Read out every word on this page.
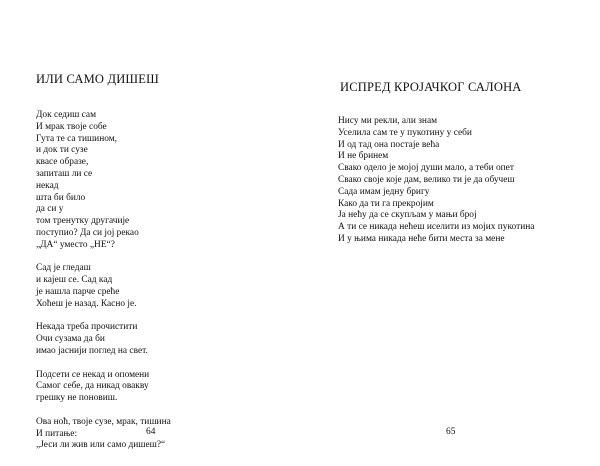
ИЛИ САМО ДИШЕШ
Док седиш сам
И мрак твоје собе
Гута те са тишином,
и док ти сузе
квасе образе,
запиташ ли се
некад
шта би било
да си у
том тренутку другачије
поступио? Да си јој рекао
„ДА“ уместо „НЕ“?
Сад је гледаш
и кајеш се. Сад кад
је нашла парче среће
Хоћеш је назад. Касно је.
Некада треба прочистити
Очи сузама да би
имао јаснији поглед на свет.
Подсети се некад и опомени
Самог себе, да никад овакву
грешку не поновиш.
Ова ноћ, твоје сузе, мрак, тишина
И питање:
„Јеси ли жив или само дишеш?“
64
ИСПРЕД КРОЈАЧКОГ САЛОНА
Нису ми рекли, али знам
Уселила сам те у пукотину у себи
И од тад она постаје већа
И не бринем
Свако одело је мојој души мало, а теби опет
Свако своје које дам, велико ти је да обучеш
Сада имам једну бригу
Како да ти га прекројим
Ја нећу да се скупљам у мањи број
А ти се никада нећеш иселити из мојих пукотина
И у њима никада неће бити места за мене
65
